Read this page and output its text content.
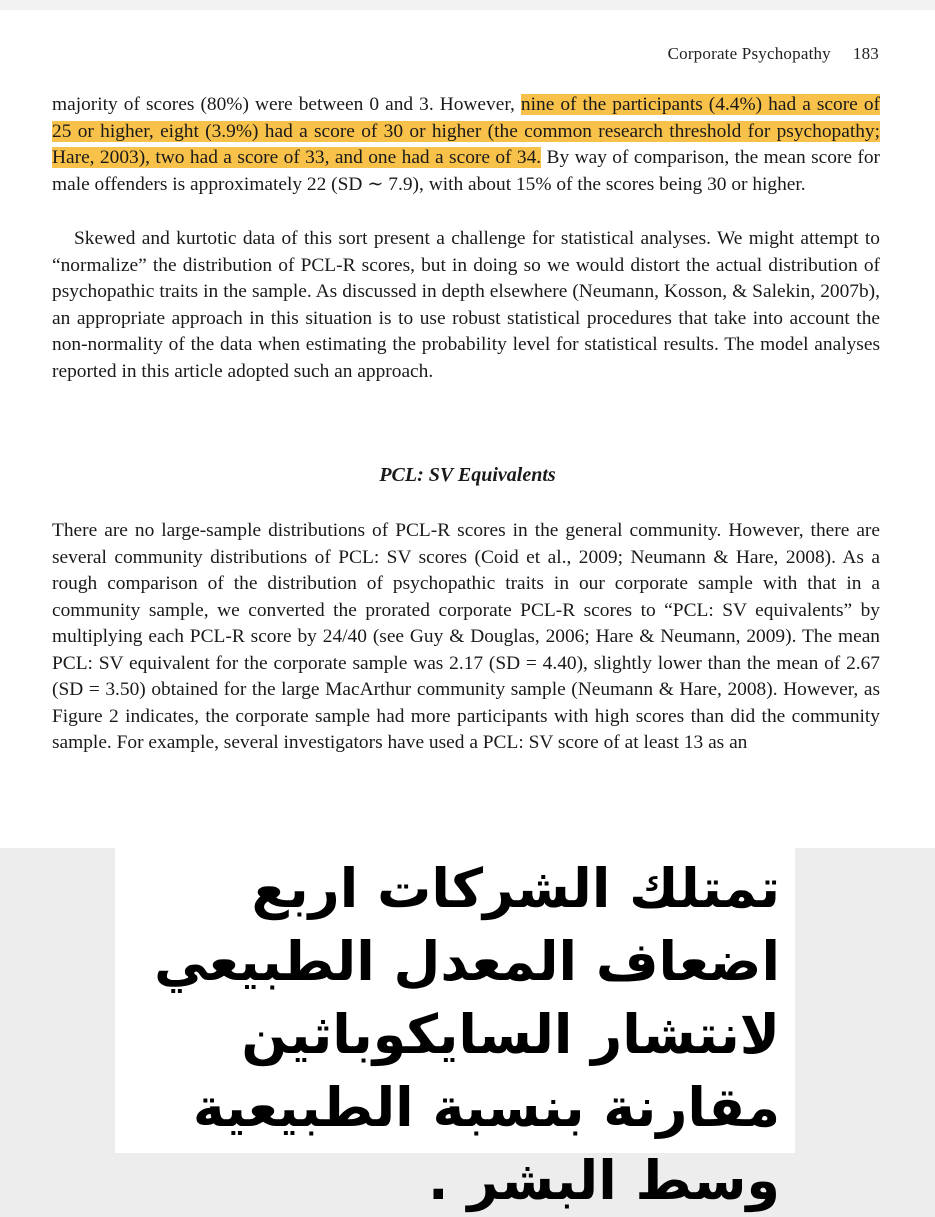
Corporate Psychopathy 183

majority of scores (80%) were between 0 and 3. However, nine of the participants (4.4%) had a score of 25 or higher, eight (3.9%) had a score of 30 or higher (the common research threshold for psychopathy; Hare, 2003), two had a score of 33, and one had a score of 34. By way of comparison, the mean score for male offenders is approximately 22 (SD ∼ 7.9), with about 15% of the scores being 30 or higher.

Skewed and kurtotic data of this sort present a challenge for statistical analyses. We might attempt to “normalize” the distribution of PCL-R scores, but in doing so we would distort the actual distribution of psychopathic traits in the sample. As discussed in depth elsewhere (Neumann, Kosson, & Salekin, 2007b), an appropriate approach in this situation is to use robust statistical procedures that take into account the non-normality of the data when estimating the probability level for statistical results. The model analyses reported in this article adopted such an approach.

PCL: SV Equivalents

There are no large-sample distributions of PCL-R scores in the general community. However, there are several community distributions of PCL: SV scores (Coid et al., 2009; Neumann & Hare, 2008). As a rough comparison of the distribution of psychopathic traits in our corporate sample with that in a community sample, we converted the prorated corporate PCL-R scores to “PCL: SV equivalents” by multiplying each PCL-R score by 24/40 (see Guy & Douglas, 2006; Hare & Neumann, 2009). The mean PCL: SV equivalent for the corporate sample was 2.17 (SD = 4.40), slightly lower than the mean of 2.67 (SD = 3.50) obtained for the large MacArthur community sample (Neumann & Hare, 2008). However, as Figure 2 indicates, the corporate sample had more participants with high scores than did the community sample. For example, several investigators have used a PCL: SV score of at least 13 as an

تمتلك الشركات اربع اضعاف المعدل الطبيعي لانتشار السايكوباثين مقارنة بنسبة الطبيعية وسط البشر .
